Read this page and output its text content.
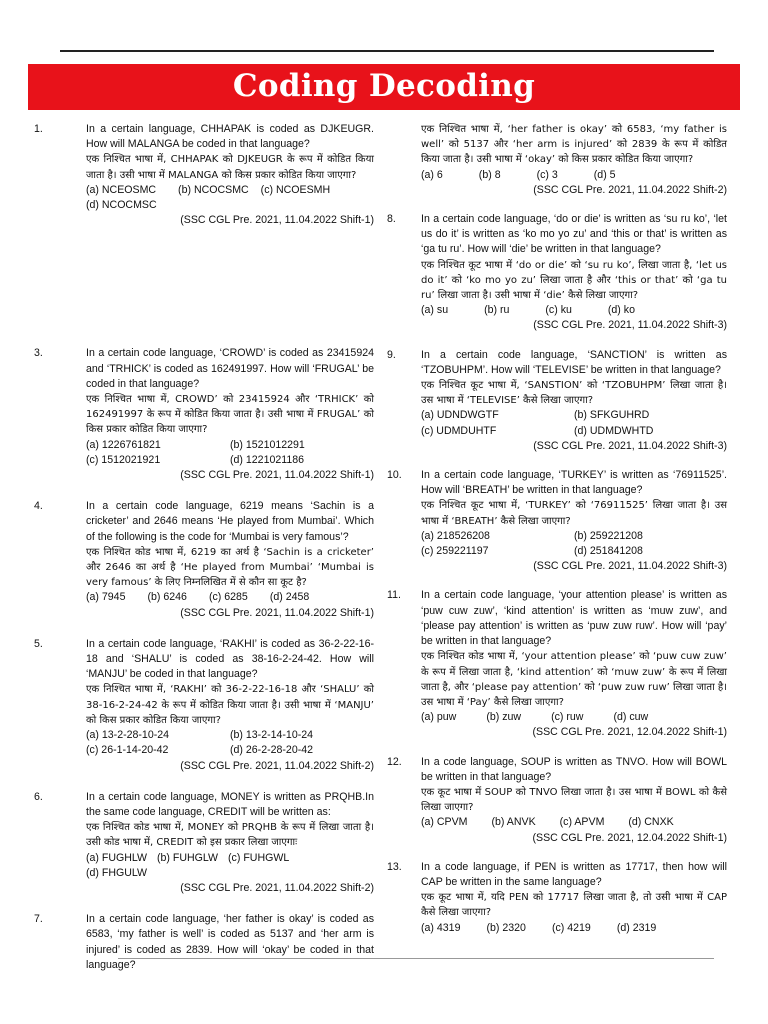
Coding Decoding
1.	In a certain language, CHHAPAK is coded as DJKEUGR. How will MALANGA be coded in that language?
एक निश्चित भाषा में, CHHAPAK को DJKEUGR के रूप में कोडित किया जाता है। उसी भाषा में MALANGA को किस प्रकार कोडित किया जाएगा?
(a) NCEOSMC (b) NCOCSMC (c) NCOESMH
(d) NCOCMSC
(SSC CGL Pre. 2021, 11.04.2022 Shift-1)
3.	In a certain code language, ‘CROWD’ is coded as 23415924 and ‘TRHICK’ is coded as 162491997. How will ‘FRUGAL’ be coded in that language?
एक निश्चित भाषा में, CROWD’ को 23415924 और ‘TRHICK’ को 162491997 के रूप में कोडित किया जाता है। उसी भाषा में FRUGAL’ को किस प्रकार कोडित किया जाएगा?
(a) 1226761821	(b) 1521012291
(c) 1512021921	(d) 1221021186
(SSC CGL Pre. 2021, 11.04.2022 Shift-1)
4.	In a certain code language, 6219 means ‘Sachin is a cricketer’ and 2646 means ‘He played from Mumbai’. Which of the following is the code for ‘Mumbai is very famous’?
एक निश्चित कोड भाषा में, 6219 का अर्थ है ‘Sachin is a cricketer’ और 2646 का अर्थ है ‘He played from Mumbai’ ‘Mumbai is very famous’ के लिए निम्नलिखित में से कौन सा कूट है?
(a) 7945 (b) 6246 (c) 6285 (d) 2458
(SSC CGL Pre. 2021, 11.04.2022 Shift-1)
5.	In a certain code language, ‘RAKHI’ is coded as 36-2-22-16-18 and ‘SHALU’ is coded as 38-16-2-24-42. How will ‘MANJU’ be coded in that language?
एक निश्चित भाषा में, ‘RAKHI’ को 36-2-22-16-18 और ‘SHALU’ को 38-16-2-24-42 के रूप में कोडित किया जाता है। उसी भाषा में ‘MANJU’ को किस प्रकार कोडित किया जाएगा?
(a) 13-2-28-10-24	(b) 13-2-14-10-24
(c) 26-1-14-20-42	(d) 26-2-28-20-42
(SSC CGL Pre. 2021, 11.04.2022 Shift-2)
6.	In a certain code language, MONEY is written as PRQHB.In the same code language, CREDIT will be written as:
एक निश्चित कोड भाषा में, MONEY को PRQHB के रूप में लिखा जाता है। उसी कोड भाषा में, CREDIT को इस प्रकार लिखा जाएगाः
(a) FUGHLW (b) FUHGLW (c) FUHGWL
(d) FHGULW
(SSC CGL Pre. 2021, 11.04.2022 Shift-2)
7.	In a certain code language, ‘her father is okay’ is coded as 6583, ‘my father is well’ is coded as 5137 and ‘her arm is injured’ is coded as 2839. How will ‘okay’ be coded in that language?
एक निश्चित भाषा में, ‘her father is okay’ को 6583, ‘my father is well’ को 5137 और ‘her arm is injured’ को 2839 के रूप में कोडित किया जाता है। उसी भाषा में ‘okay’ को किस प्रकार कोडित किया जाएगा?
(a) 6	(b) 8	(c) 3	(d) 5
(SSC CGL Pre. 2021, 11.04.2022 Shift-2)
8. In a certain code language, ‘do or die’ is written as ‘su ru ko’, ‘let us do it’ is written as ‘ko mo yo zu’ and ‘this or that’ is written as ‘ga tu ru’. How will ‘die’ be written in that language?
एक निश्चित कूट भाषा में ‘do or die’ को ‘su ru ko’, लिखा जाता है, ‘let us do it’ को ‘ko mo yo zu’ लिखा जाता है और ‘this or that’ को ‘ga tu ru’ लिखा जाता है। उसी भाषा में ‘die’ कैसे लिखा जाएगा?
(a) su	(b) ru	(c) ku	(d) ko
(SSC CGL Pre. 2021, 11.04.2022 Shift-3)
9. In a certain code language, ‘SANCTION’ is written as ‘TZOBUHPM’. How will ‘TELEVISE’ be written in that language?
एक निश्चित कूट भाषा में, ‘SANSTION’ को ‘TZOBUHPM’ लिखा जाता है। उस भाषा में ‘TELEVISE’ कैसे लिखा जाएगा?
(a) UDNDWGTF	(b) SFKGUHRD
(c) UDMDUHTF	(d) UDMDWHTD
(SSC CGL Pre. 2021, 11.04.2022 Shift-3)
10. In a certain code language, ‘TURKEY’ is written as ‘76911525’. How will ‘BREATH’ be written in that language?
एक निश्चित कूट भाषा में, ‘TURKEY’ को ‘76911525’ लिखा जाता है। उस भाषा में ‘BREATH’ कैसे लिखा जाएगा?
(a) 218526208	(b) 259221208
(c) 259221197	(d) 251841208
(SSC CGL Pre. 2021, 11.04.2022 Shift-3)
11. In a certain code language, ‘your attention please’ is written as ‘puw cuw zuw’, ‘kind attention’ is written as ‘muw zuw’, and ‘please pay attention’ is written as ‘puw zuw ruw’. How will ‘pay’ be written in that language?
एक निश्चित कोड भाषा में, ‘your attention please’ को ‘puw cuw zuw’ के रूप में लिखा जाता है, ‘kind attention’ को ‘muw zuw’ के रूप में लिखा जाता है, और ‘please pay attention’ को ‘puw zuw ruw’ लिखा जाता है। उस भाषा में ‘Pay’ कैसे लिखा जाएगा?
(a) puw	(b) zuw	(c) ruw	(d) cuw
(SSC CGL Pre. 2021, 12.04.2022 Shift-1)
12. In a code language, SOUP is written as TNVO. How will BOWL be written in that language?
एक कूट भाषा में SOUP को TNVO लिखा जाता है। उस भाषा में BOWL को कैसे लिखा जाएगा?
(a) CPVM (b) ANVK (c) APVM (d) CNXK
(SSC CGL Pre. 2021, 12.04.2022 Shift-1)
13. In a code language, if PEN is written as 17717, then how will CAP be written in the same language?
एक कूट भाषा में, यदि PEN को 17717 लिखा जाता है, तो उसी भाषा में CAP कैसे लिखा जाएगा?
(a) 4319 (b) 2320 (c) 4219 (d) 2319
